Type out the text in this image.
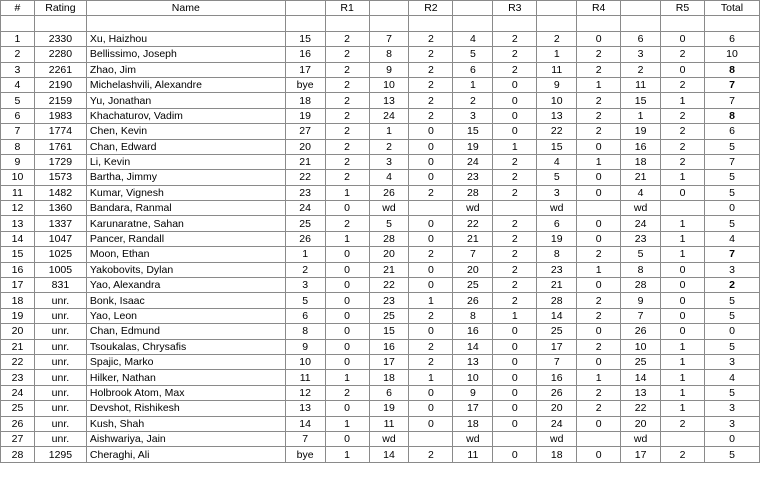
#	Rating	Name		R1		R2		R3		R4		R5	Total

1	2330	Xu, Haizhou	15	2	7	2	4	2	2	0	6	0	6
2	2280	Bellissimo, Joseph	16	2	8	2	5	2	1	2	3	2	10
3	2261	Zhao, Jim	17	2	9	2	6	2	11	2	2	0	8
4	2190	Michelashvili, Alexandre	bye	2	10	2	1	0	9	1	11	2	7
5	2159	Yu, Jonathan	18	2	13	2	2	0	10	2	15	1	7
6	1983	Khachaturov, Vadim	19	2	24	2	3	0	13	2	1	2	8
7	1774	Chen, Kevin	27	2	1	0	15	0	22	2	19	2	6
8	1761	Chan, Edward	20	2	2	0	19	1	15	0	16	2	5
9	1729	Li, Kevin	21	2	3	0	24	2	4	1	18	2	7
10	1573	Bartha, Jimmy	22	2	4	0	23	2	5	0	21	1	5
11	1482	Kumar, Vignesh	23	1	26	2	28	2	3	0	4	0	5
12	1360	Bandara, Ranmal	24	0	wd		wd		wd		wd		0
13	1337	Karunaratne, Sahan	25	2	5	0	22	2	6	0	24	1	5
14	1047	Pancer, Randall	26	1	28	0	21	2	19	0	23	1	4
15	1025	Moon, Ethan	1	0	20	2	7	2	8	2	5	1	7
16	1005	Yakobovits, Dylan	2	0	21	0	20	2	23	1	8	0	3
17	831	Yao, Alexandra	3	0	22	0	25	2	21	0	28	0	2
18	unr.	Bonk, Isaac	5	0	23	1	26	2	28	2	9	0	5
19	unr.	Yao, Leon	6	0	25	2	8	1	14	2	7	0	5
20	unr.	Chan, Edmund	8	0	15	0	16	0	25	0	26	0	0
21	unr.	Tsoukalas, Chrysafis	9	0	16	2	14	0	17	2	10	1	5
22	unr.	Spajic, Marko	10	0	17	2	13	0	7	0	25	1	3
23	unr.	Hilker, Nathan	11	1	18	1	10	0	16	1	14	1	4
24	unr.	Holbrook Atom, Max	12	2	6	0	9	0	26	2	13	1	5
25	unr.	Devshot, Rishikesh	13	0	19	0	17	0	20	2	22	1	3
26	unr.	Kush, Shah	14	1	11	0	18	0	24	0	20	2	3
27	unr.	Aishwariya, Jain	7	0	wd		wd		wd		wd		0
28	1295	Cheraghi, Ali	bye	1	14	2	11	0	18	0	17	2	5
